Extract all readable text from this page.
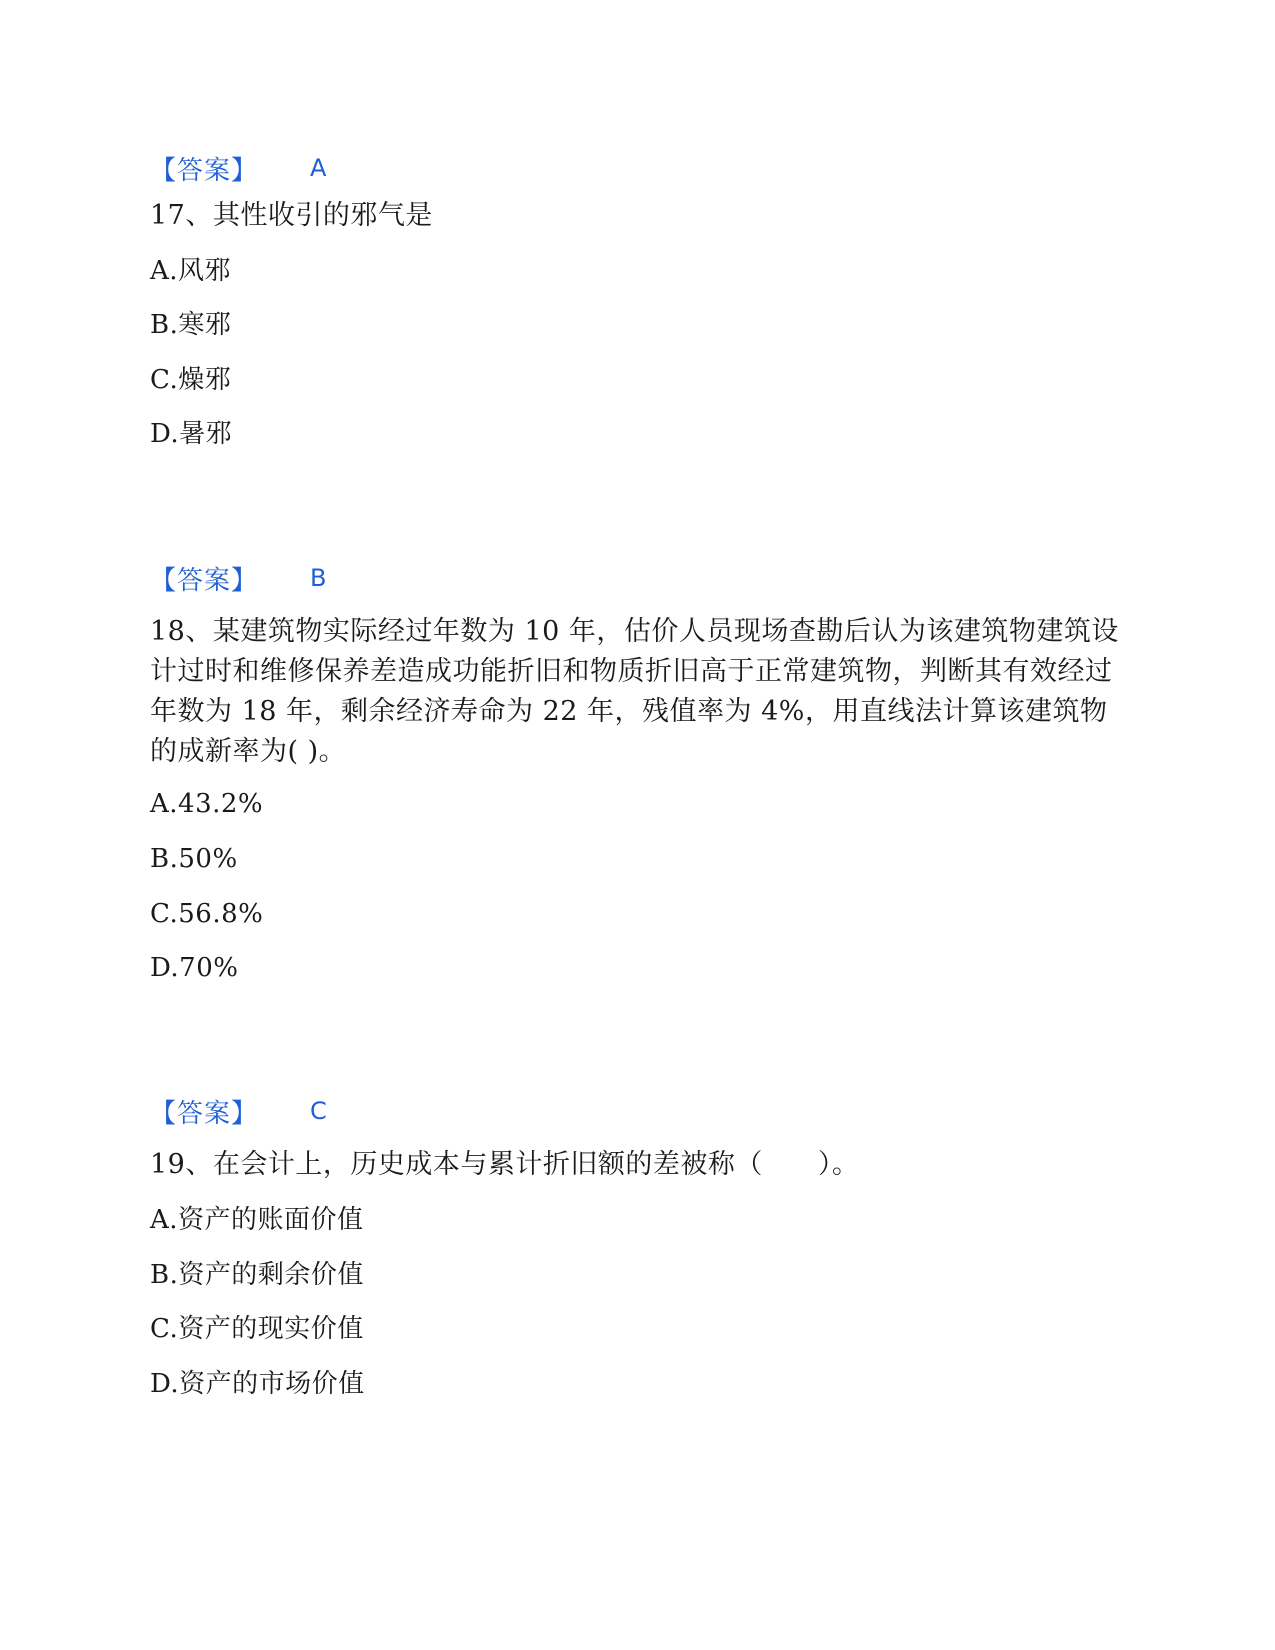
【答案】 A
17、其性收引的邪气是
A.风邪
B.寒邪
C.燥邪
D.暑邪
【答案】 B
18、某建筑物实际经过年数为 10 年，估价人员现场查勘后认为该建筑物建筑设计过时和维修保养差造成功能折旧和物质折旧高于正常建筑物，判断其有效经过年数为 18 年，剩余经济寿命为 22 年，残值率为 4%，用直线法计算该建筑物的成新率为( )。
A.43.2%
B.50%
C.56.8%
D.70%
【答案】 C
19、在会计上，历史成本与累计折旧额的差被称（　　）。
A.资产的账面价值
B.资产的剩余价值
C.资产的现实价值
D.资产的市场价值
